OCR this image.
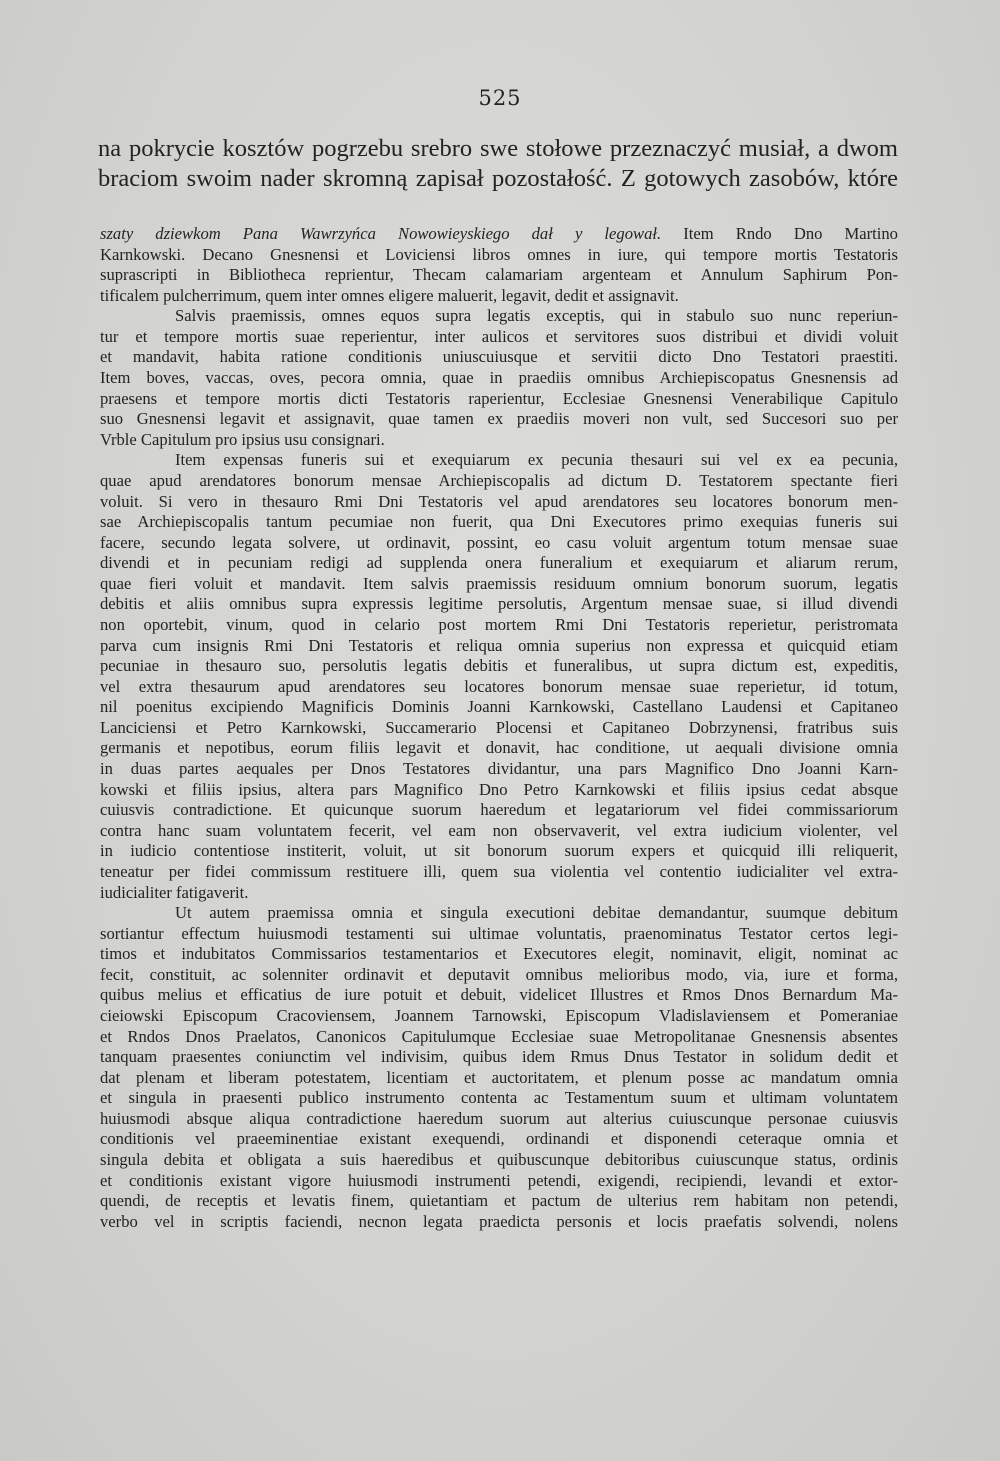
525
na pokrycie kosztów pogrzebu srebro swe stołowe przeznaczyć musiał, a dwom
braciom swoim nader skromną zapisał pozostałość. Z gotowych zasobów, które
szaty dziewkom Pana Wawrzyńca Nowowieyskiego dał y legował. Item Rndo Dno Martino
Karnkowski. Decano Gnesnensi et Loviciensi libros omnes in iure, qui tempore mortis Testatoris
suprascripti in Bibliotheca reprientur, Thecam calamariam argenteam et Annulum Saphirum Pon-
tificalem pulcherrimum, quem inter omnes eligere maluerit, legavit, dedit et assignavit.
Salvis praemissis, omnes equos supra legatis exceptis, qui in stabulo suo nunc reperiun-
tur et tempore mortis suae reperientur, inter aulicos et servitores suos distribui et dividi voluit
et mandavit, habita ratione conditionis uniuscuiusque et servitii dicto Dno Testatori praestiti.
Item boves, vaccas, oves, pecora omnia, quae in praediis omnibus Archiepiscopatus Gnesnensis ad
praesens et tempore mortis dicti Testatoris raperientur, Ecclesiae Gnesnensi Venerabilique Capitulo
suo Gnesnensi legavit et assignavit, quae tamen ex praediis moveri non vult, sed Succesori suo per
Vrble Capitulum pro ipsius usu consignari.
Item expensas funeris sui et exequiarum ex pecunia thesauri sui vel ex ea pecunia,
quae apud arendatores bonorum mensae Archiepiscopalis ad dictum D. Testatorem spectante fieri
voluit. Si vero in thesauro Rmi Dni Testatoris vel apud arendatores seu locatores bonorum men-
sae Archiepiscopalis tantum pecumiae non fuerit, qua Dni Executores primo exequias funeris sui
facere, secundo legata solvere, ut ordinavit, possint, eo casu voluit argentum totum mensae suae
divendi et in pecuniam redigi ad supplenda onera funeralium et exequiarum et aliarum rerum,
quae fieri voluit et mandavit. Item salvis praemissis residuum omnium bonorum suorum, legatis
debitis et aliis omnibus supra expressis legitime persolutis, Argentum mensae suae, si illud divendi
non oportebit, vinum, quod in celario post mortem Rmi Dni Testatoris reperietur, peristromata
parva cum insignis Rmi Dni Testatoris et reliqua omnia superius non expressa et quicquid etiam
pecuniae in thesauro suo, persolutis legatis debitis et funeralibus, ut supra dictum est, expeditis,
vel extra thesaurum apud arendatores seu locatores bonorum mensae suae reperietur, id totum,
nil poenitus excipiendo Magnificis Dominis Joanni Karnkowski, Castellano Laudensi et Capitaneo
Lanciciensi et Petro Karnkowski, Succamerario Plocensi et Capitaneo Dobrzynensi, fratribus suis
germanis et nepotibus, eorum filiis legavit et donavit, hac conditione, ut aequali divisione omnia
in duas partes aequales per Dnos Testatores dividantur, una pars Magnifico Dno Joanni Karn-
kowski et filiis ipsius, altera pars Magnifico Dno Petro Karnkowski et filiis ipsius cedat absque
cuiusvis contradictione. Et quicunque suorum haeredum et legatariorum vel fidei commissariorum
contra hanc suam voluntatem fecerit, vel eam non observaverit, vel extra iudicium violenter, vel
in iudicio contentiose institerit, voluit, ut sit bonorum suorum expers et quicquid illi reliquerit,
teneatur per fidei commissum restituere illi, quem sua violentia vel contentio iudicialiter vel extra-
iudicialiter fatigaverit.
Ut autem praemissa omnia et singula executioni debitae demandantur, suumque debitum
sortiantur effectum huiusmodi testamenti sui ultimae voluntatis, praenominatus Testator certos legi-
timos et indubitatos Commissarios testamentarios et Executores elegit, nominavit, eligit, nominat ac
fecit, constituit, ac solenniter ordinavit et deputavit omnibus melioribus modo, via, iure et forma,
quibus melius et efficatius de iure potuit et debuit, videlicet Illustres et Rmos Dnos Bernardum Ma-
cieiowski Episcopum Cracoviensem, Joannem Tarnowski, Episcopum Vladislaviensem et Pomeraniae
et Rndos Dnos Praelatos, Canonicos Capitulumque Ecclesiae suae Metropolitanae Gnesnensis absentes
tanquam praesentes coniunctim vel indivisim, quibus idem Rmus Dnus Testator in solidum dedit et
dat plenam et liberam potestatem, licentiam et auctoritatem, et plenum posse ac mandatum omnia
et singula in praesenti publico instrumento contenta ac Testamentum suum et ultimam voluntatem
huiusmodi absque aliqua contradictione haeredum suorum aut alterius cuiuscunque personae cuiusvis
conditionis vel praeeminentiae existant exequendi, ordinandi et disponendi ceteraque omnia et
singula debita et obligata a suis haeredibus et quibuscunque debitoribus cuiuscunque status, ordinis
et conditionis existant vigore huiusmodi instrumenti petendi, exigendi, recipiendi, levandi et extor-
quendi, de receptis et levatis finem, quietantiam et pactum de ulterius rem habitam non petendi,
verbo vel in scriptis faciendi, necnon legata praedicta personis et locis praefatis solvendi, nolens
